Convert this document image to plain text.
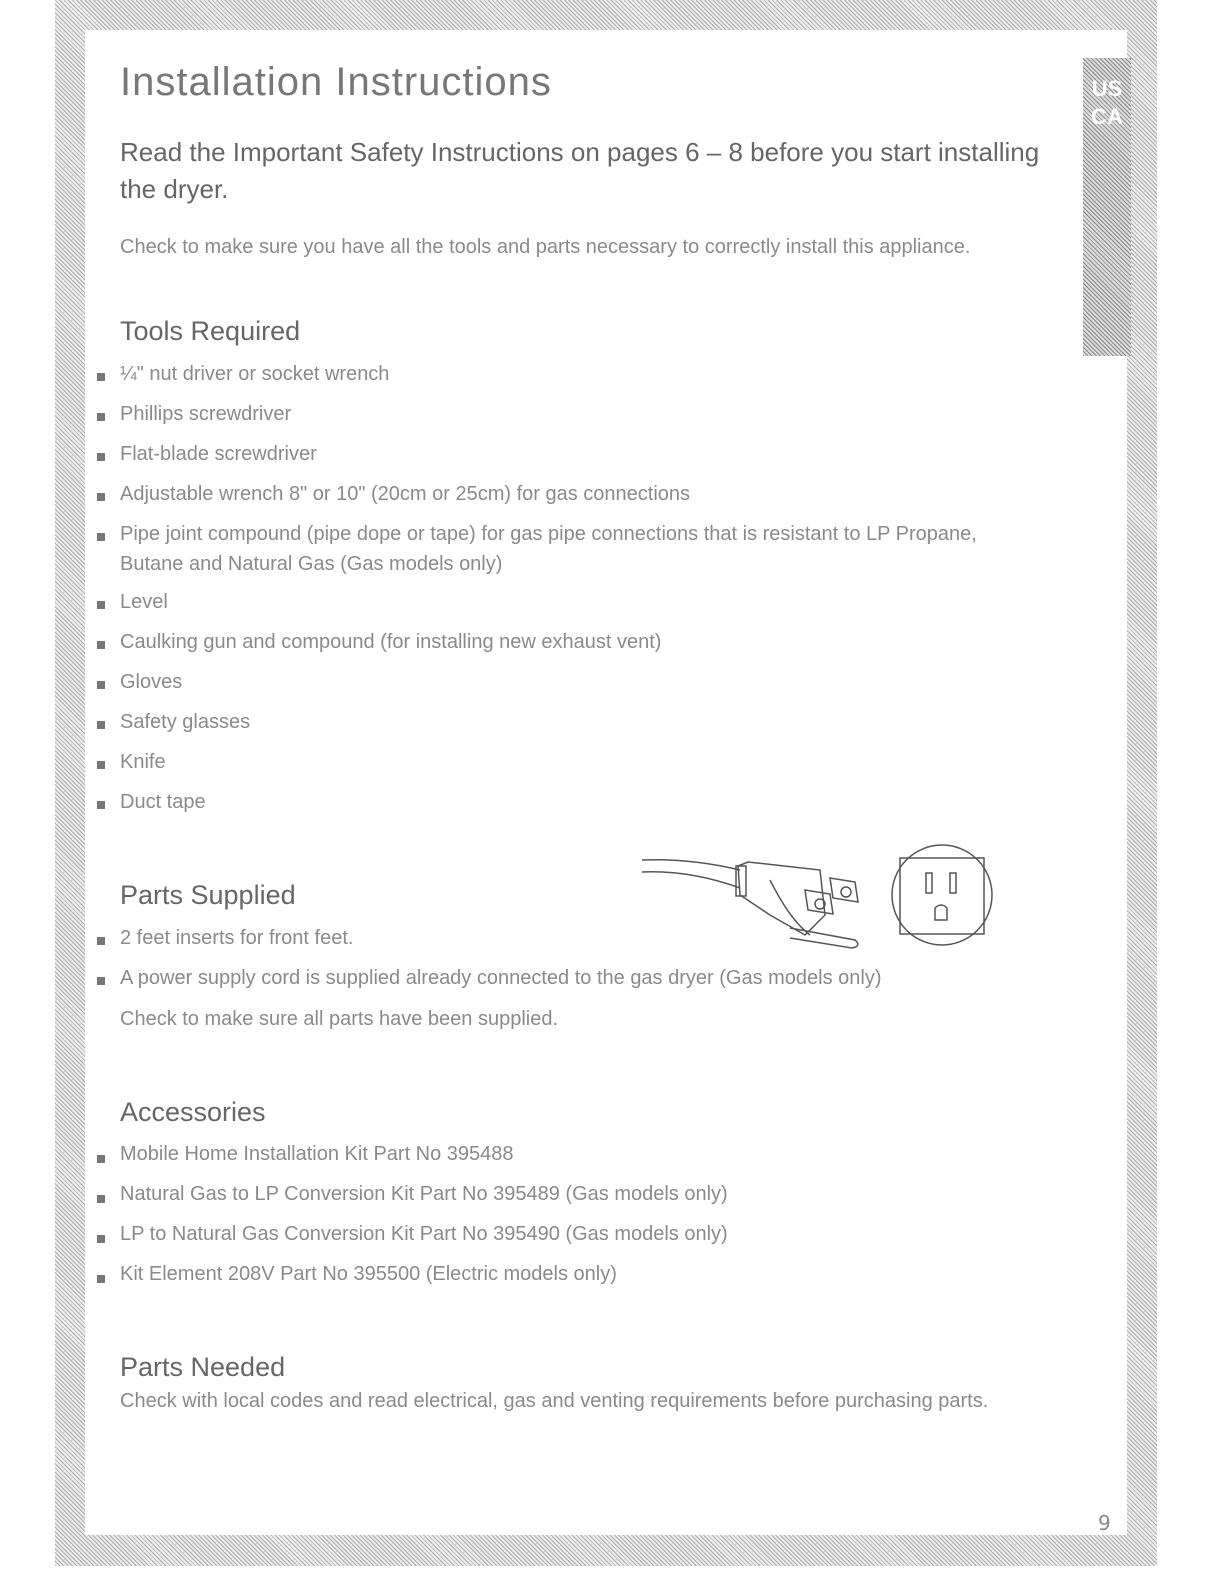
US
CA
Installation Instructions
Read the Important Safety Instructions on pages 6 – 8 before you start installing the dryer.
Check to make sure you have all the tools and parts necessary to correctly install this appliance.
Tools Required
¼" nut driver or socket wrench
Phillips screwdriver
Flat-blade screwdriver
Adjustable wrench 8" or 10" (20cm or 25cm) for gas connections
Pipe joint compound (pipe dope or tape) for gas pipe connections that is resistant to LP Propane,
Butane and Natural Gas (Gas models only)
Level
Caulking gun and compound (for installing new exhaust vent)
Gloves
Safety glasses
Knife
Duct tape
Parts Supplied
2 feet inserts for front feet.
A power supply cord is supplied already connected to the gas dryer (Gas models only)
Check to make sure all parts have been supplied.
Accessories
Mobile Home Installation Kit Part No 395488
Natural Gas to LP Conversion Kit Part No 395489 (Gas models only)
LP to Natural Gas Conversion Kit Part No 395490 (Gas models only)
Kit Element 208V Part No 395500 (Electric models only)
Parts Needed
Check with local codes and read electrical, gas and venting requirements before purchasing parts.
9
